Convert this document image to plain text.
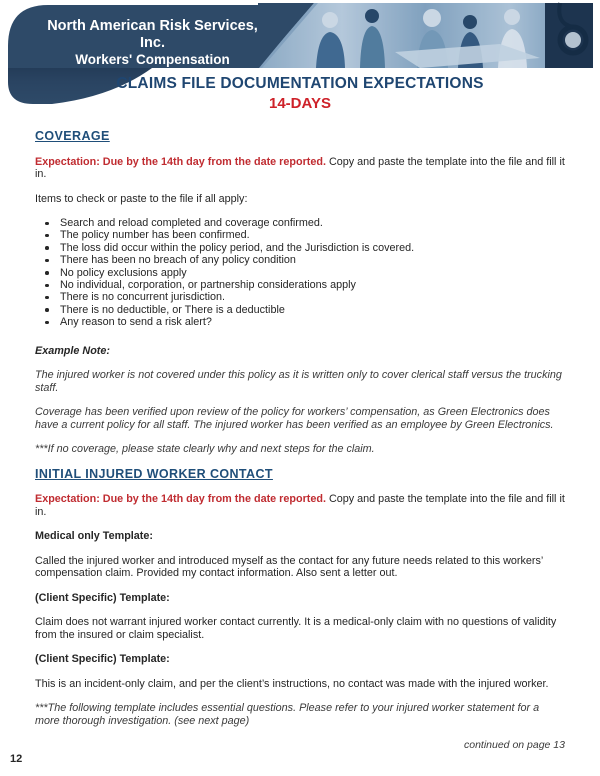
North American Risk Services, Inc.
Workers' Compensation
CLAIMS FILE DOCUMENTATION EXPECTATIONS
14-DAYS
COVERAGE

Expectation: Due by the 14th day from the date reported. Copy and paste the template into the file and fill it in.

Items to check or paste to the file if all apply:

Search and reload completed and coverage confirmed.
The policy number has been confirmed.
The loss did occur within the policy period, and the Jurisdiction is covered.
There has been no breach of any policy condition
No policy exclusions apply
No individual, corporation, or partnership considerations apply
There is no concurrent jurisdiction.
There is no deductible, or There is a deductible
Any reason to send a risk alert?

Example Note:

The injured worker is not covered under this policy as it is written only to cover clerical staff versus the trucking staff.

Coverage has been verified upon review of the policy for workers’ compensation, as Green Electronics does have a current policy for all staff. The injured worker has been verified as an employee by Green Electronics.

***If no coverage, please state clearly why and next steps for the claim.

INITIAL INJURED WORKER CONTACT

Expectation: Due by the 14th day from the date reported. Copy and paste the template into the file and fill it in.

Medical only Template:

Called the injured worker and introduced myself as the contact for any future needs related to this workers’ compensation claim. Provided my contact information. Also sent a letter out.

(Client Specific) Template:

Claim does not warrant injured worker contact currently. It is a medical-only claim with no questions of validity from the insured or claim specialist.

(Client Specific) Template:

This is an incident-only claim, and per the client’s instructions, no contact was made with the injured worker.

***The following template includes essential questions. Please refer to your injured worker statement for a more thorough investigation. (see next page)

continued on page 13

12
